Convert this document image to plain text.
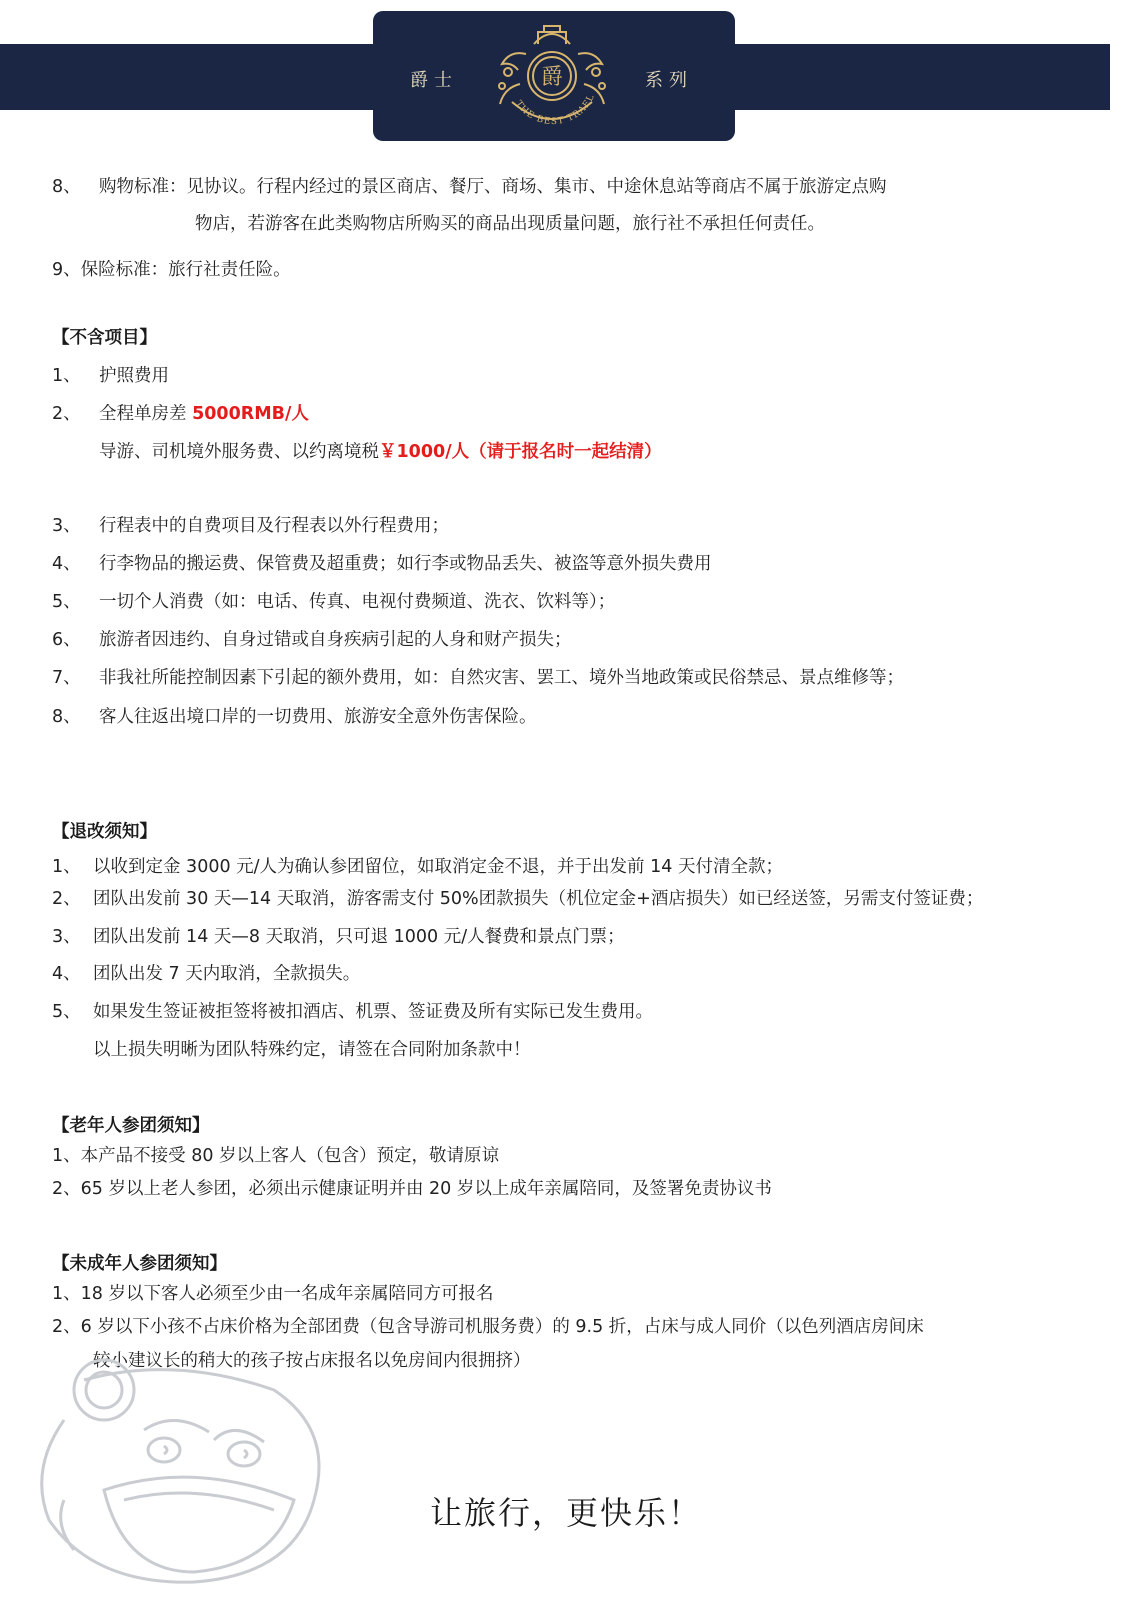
爵士	系列
爵
THE BEST TRAEL
8、 购物标准：见协议。行程内经过的景区商店、餐厅、商场、集市、中途休息站等商店不属于旅游定点购
物店，若游客在此类购物店所购买的商品出现质量问题，旅行社不承担任何责任。
9、保险标准：旅行社责任险。
【不含项目】
1、 护照费用
2、 全程单房差 5000RMB/人
导游、司机境外服务费、以约离境税￥1000/人（请于报名时一起结清）
3、 行程表中的自费项目及行程表以外行程费用；
4、 行李物品的搬运费、保管费及超重费；如行李或物品丢失、被盗等意外损失费用
5、 一切个人消费（如：电话、传真、电视付费频道、洗衣、饮料等）；
6、 旅游者因违约、自身过错或自身疾病引起的人身和财产损失；
7、 非我社所能控制因素下引起的额外费用，如：自然灾害、罢工、境外当地政策或民俗禁忌、景点维修等；
8、 客人往返出境口岸的一切费用、旅游安全意外伤害保险。
【退改须知】
1、 以收到定金 3000 元/人为确认参团留位，如取消定金不退，并于出发前 14 天付清全款；
2、 团队出发前 30 天—14 天取消，游客需支付 50%团款损失（机位定金+酒店损失）如已经送签，另需支付签证费；
3、 团队出发前 14 天—8 天取消，只可退 1000 元/人餐费和景点门票；
4、 团队出发 7 天内取消，全款损失。
5、 如果发生签证被拒签将被扣酒店、机票、签证费及所有实际已发生费用。
以上损失明晰为团队特殊约定，请签在合同附加条款中！
【老年人参团须知】
1、本产品不接受 80 岁以上客人（包含）预定，敬请原谅
2、65 岁以上老人参团，必须出示健康证明并由 20 岁以上成年亲属陪同，及签署免责协议书
【未成年人参团须知】
1、18 岁以下客人必须至少由一名成年亲属陪同方可报名
2、6 岁以下小孩不占床价格为全部团费（包含导游司机服务费）的 9.5 折，占床与成人同价（以色列酒店房间床
较小建议长的稍大的孩子按占床报名以免房间内很拥挤）
让旅行，更快乐！
